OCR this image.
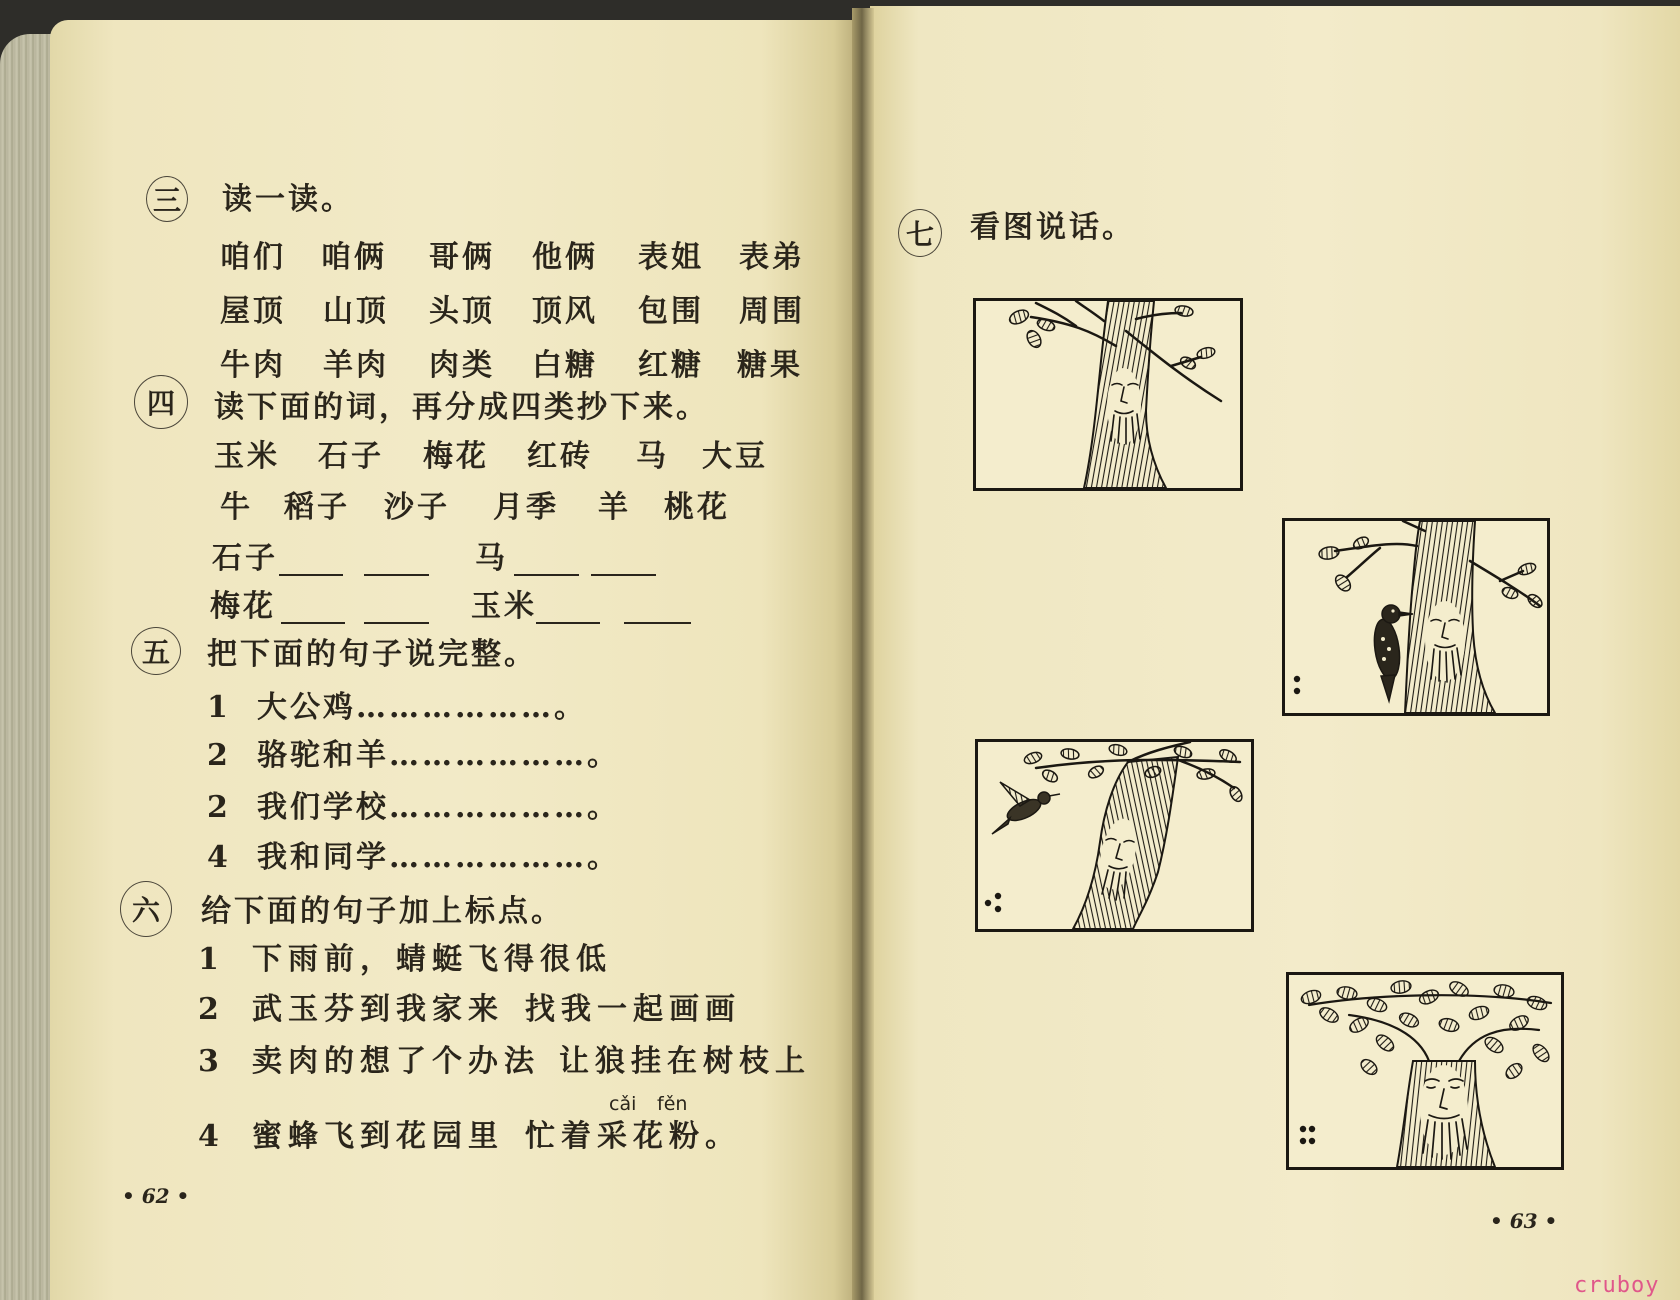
三 读一读。
咱们 咱俩 哥俩 他俩 表姐 表弟
屋顶 山顶 头顶 顶风 包围 周围
牛肉 羊肉 肉类 白糖 红糖 糖果
四	读下面的词，再分成四类抄下来。
玉米 石子 梅花 红砖 马 大豆
牛 稻子 沙子 月季 羊 桃花
石子	马
梅花	玉米
五	把下面的句子说完整。
1 大公鸡………………。
2 骆驼和羊………………。
2 我们学校………………。
4 我和同学………………。
六	给下面的句子加上标点。
1 下雨前，蜻蜓飞得很低
2 武玉芬到我家来 找我一起画画
3 卖肉的想了个办法 让狼挂在树枝上
cǎi fěn
4 蜜蜂飞到花园里 忙着采花粉。
• 62 •
七 看图说话。
• 63 •
cruboy
